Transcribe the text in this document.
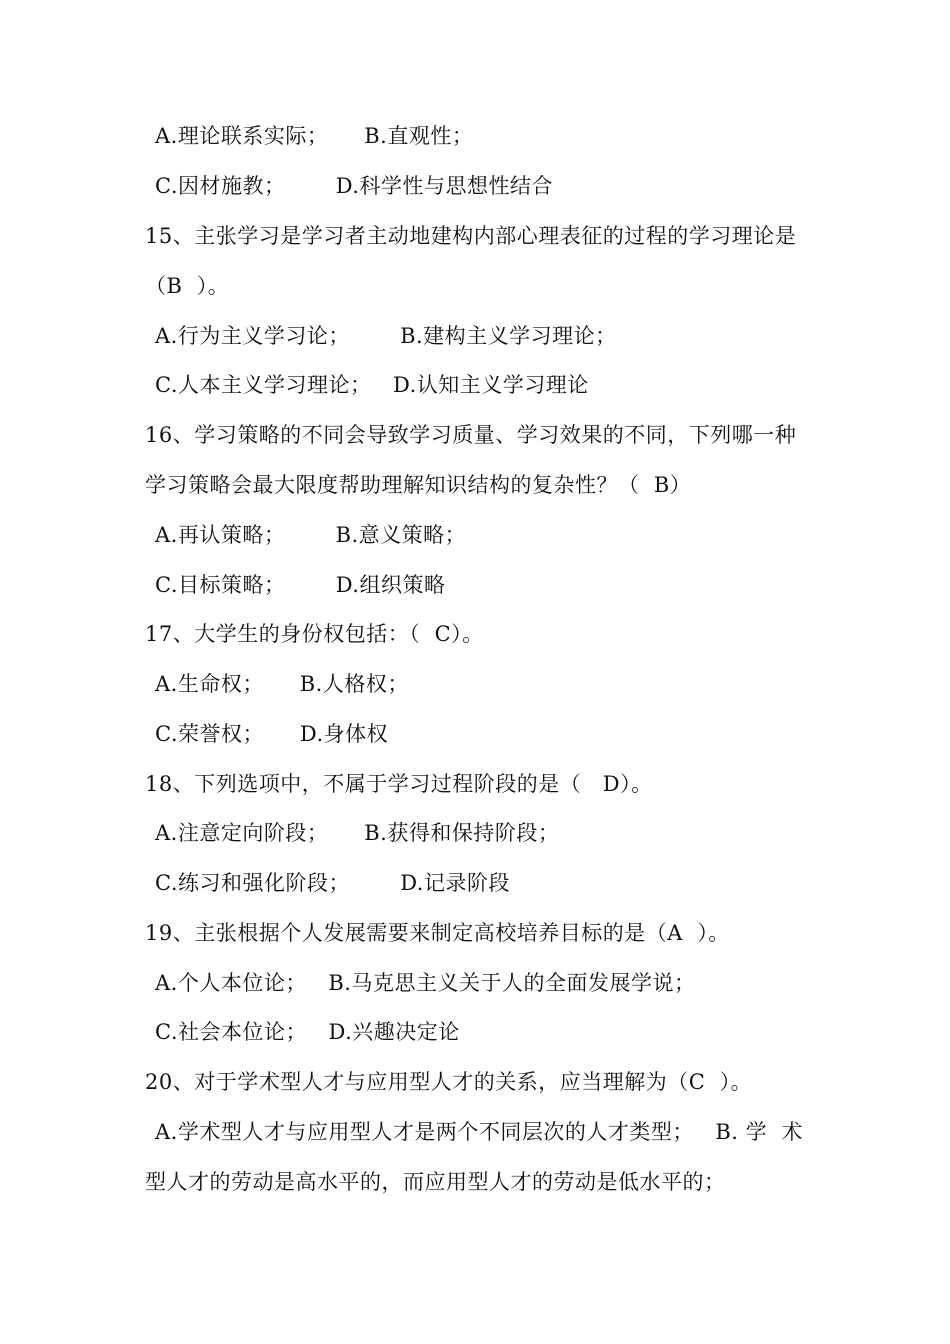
A.理论联系实际；     B.直观性；
C.因材施教；       D.科学性与思想性结合
15、主张学习是学习者主动地建构内部心理表征的过程的学习理论是
（B  ）。
A.行为主义学习论；       B.建构主义学习理论；
C.人本主义学习理论；   D.认知主义学习理论
16、学习策略的不同会导致学习质量、学习效果的不同，下列哪一种
学习策略会最大限度帮助理解知识结构的复杂性？（  B）
A.再认策略；       B.意义策略；
C.目标策略；       D.组织策略
17、大学生的身份权包括：（  C）。
A.生命权；     B.人格权；
C.荣誉权；     D.身体权
18、下列选项中，不属于学习过程阶段的是（   D）。
A.注意定向阶段；     B.获得和保持阶段；
C.练习和强化阶段；       D.记录阶段
19、主张根据个人发展需要来制定高校培养目标的是（A  ）。
A.个人本位论；   B.马克思主义关于人的全面发展学说；
C.社会本位论；   D.兴趣决定论
20、对于学术型人才与应用型人才的关系，应当理解为（C  ）。
A.学术型人才与应用型人才是两个不同层次的人才类型；   B. 学  术
型人才的劳动是高水平的，而应用型人才的劳动是低水平的；
